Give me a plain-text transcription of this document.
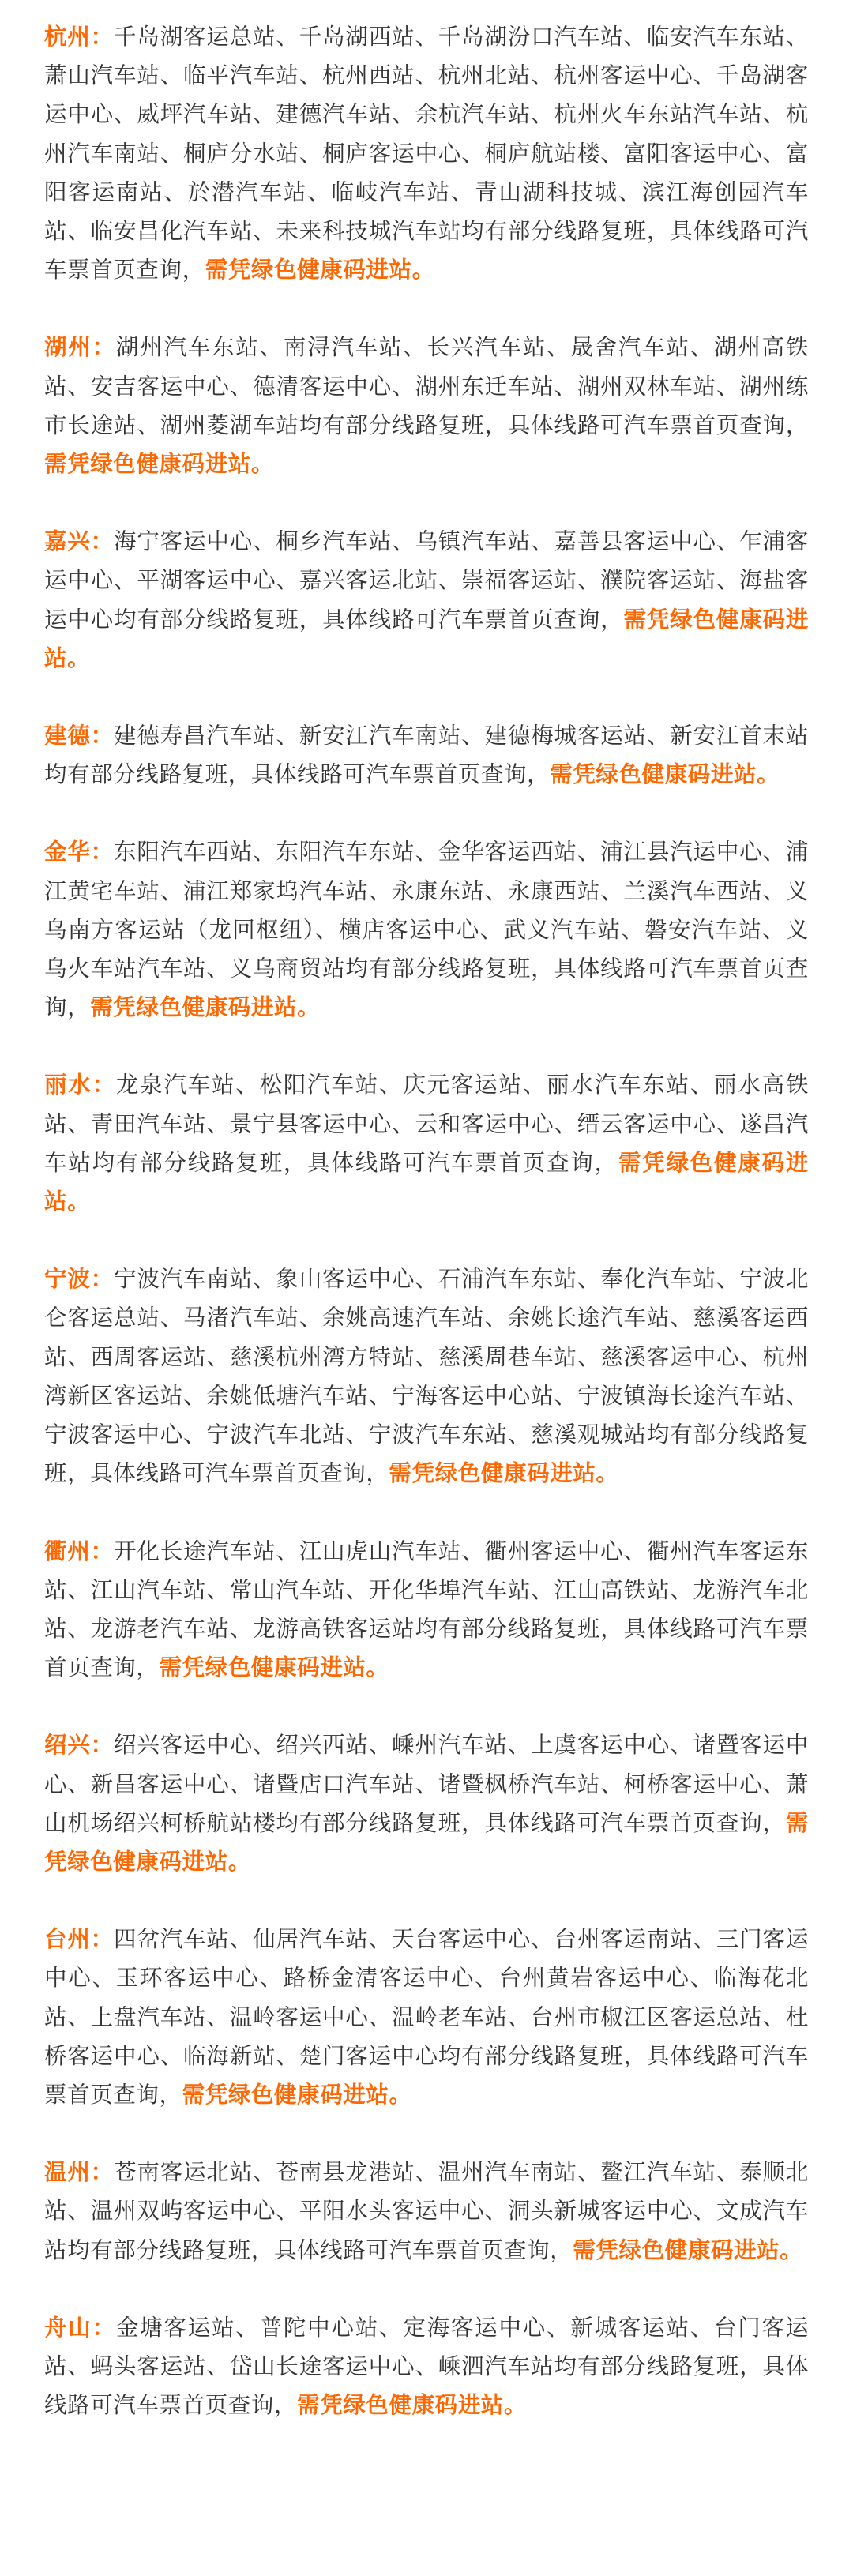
杭州：千岛湖客运总站、千岛湖西站、千岛湖汾口汽车站、临安汽车东站、萧山汽车站、临平汽车站、杭州西站、杭州北站、杭州客运中心、千岛湖客运中心、威坪汽车站、建德汽车站、余杭汽车站、杭州火车东站汽车站、杭州汽车南站、桐庐分水站、桐庐客运中心、桐庐航站楼、富阳客运中心、富阳客运南站、於潜汽车站、临岐汽车站、青山湖科技城、滨江海创园汽车站、临安昌化汽车站、未来科技城汽车站均有部分线路复班，具体线路可汽车票首页查询，需凭绿色健康码进站。

湖州：湖州汽车东站、南浔汽车站、长兴汽车站、晟舍汽车站、湖州高铁站、安吉客运中心、德清客运中心、湖州东迁车站、湖州双林车站、湖州练市长途站、湖州菱湖车站均有部分线路复班，具体线路可汽车票首页查询，需凭绿色健康码进站。

嘉兴：海宁客运中心、桐乡汽车站、乌镇汽车站、嘉善县客运中心、乍浦客运中心、平湖客运中心、嘉兴客运北站、崇福客运站、濮院客运站、海盐客运中心均有部分线路复班，具体线路可汽车票首页查询，需凭绿色健康码进站。

建德：建德寿昌汽车站、新安江汽车南站、建德梅城客运站、新安江首末站均有部分线路复班，具体线路可汽车票首页查询，需凭绿色健康码进站。

金华：东阳汽车西站、东阳汽车东站、金华客运西站、浦江县汽运中心、浦江黄宅车站、浦江郑家坞汽车站、永康东站、永康西站、兰溪汽车西站、义乌南方客运站（龙回枢纽）、横店客运中心、武义汽车站、磐安汽车站、义乌火车站汽车站、义乌商贸站均有部分线路复班，具体线路可汽车票首页查询，需凭绿色健康码进站。

丽水：龙泉汽车站、松阳汽车站、庆元客运站、丽水汽车东站、丽水高铁站、青田汽车站、景宁县客运中心、云和客运中心、缙云客运中心、遂昌汽车站均有部分线路复班，具体线路可汽车票首页查询，需凭绿色健康码进站。

宁波：宁波汽车南站、象山客运中心、石浦汽车东站、奉化汽车站、宁波北仑客运总站、马渚汽车站、余姚高速汽车站、余姚长途汽车站、慈溪客运西站、西周客运站、慈溪杭州湾方特站、慈溪周巷车站、慈溪客运中心、杭州湾新区客运站、余姚低塘汽车站、宁海客运中心站、宁波镇海长途汽车站、宁波客运中心、宁波汽车北站、宁波汽车东站、慈溪观城站均有部分线路复班，具体线路可汽车票首页查询，需凭绿色健康码进站。

衢州：开化长途汽车站、江山虎山汽车站、衢州客运中心、衢州汽车客运东站、江山汽车站、常山汽车站、开化华埠汽车站、江山高铁站、龙游汽车北站、龙游老汽车站、龙游高铁客运站均有部分线路复班，具体线路可汽车票首页查询，需凭绿色健康码进站。

绍兴：绍兴客运中心、绍兴西站、嵊州汽车站、上虞客运中心、诸暨客运中心、新昌客运中心、诸暨店口汽车站、诸暨枫桥汽车站、柯桥客运中心、萧山机场绍兴柯桥航站楼均有部分线路复班，具体线路可汽车票首页查询，需凭绿色健康码进站。

台州：四岔汽车站、仙居汽车站、天台客运中心、台州客运南站、三门客运中心、玉环客运中心、路桥金清客运中心、台州黄岩客运中心、临海花北站、上盘汽车站、温岭客运中心、温岭老车站、台州市椒江区客运总站、杜桥客运中心、临海新站、楚门客运中心均有部分线路复班，具体线路可汽车票首页查询，需凭绿色健康码进站。

温州：苍南客运北站、苍南县龙港站、温州汽车南站、鳌江汽车站、泰顺北站、温州双屿客运中心、平阳水头客运中心、洞头新城客运中心、文成汽车站均有部分线路复班，具体线路可汽车票首页查询，需凭绿色健康码进站。

舟山：金塘客运站、普陀中心站、定海客运中心、新城客运站、台门客运站、蚂头客运站、岱山长途客运中心、嵊泗汽车站均有部分线路复班，具体线路可汽车票首页查询，需凭绿色健康码进站。
